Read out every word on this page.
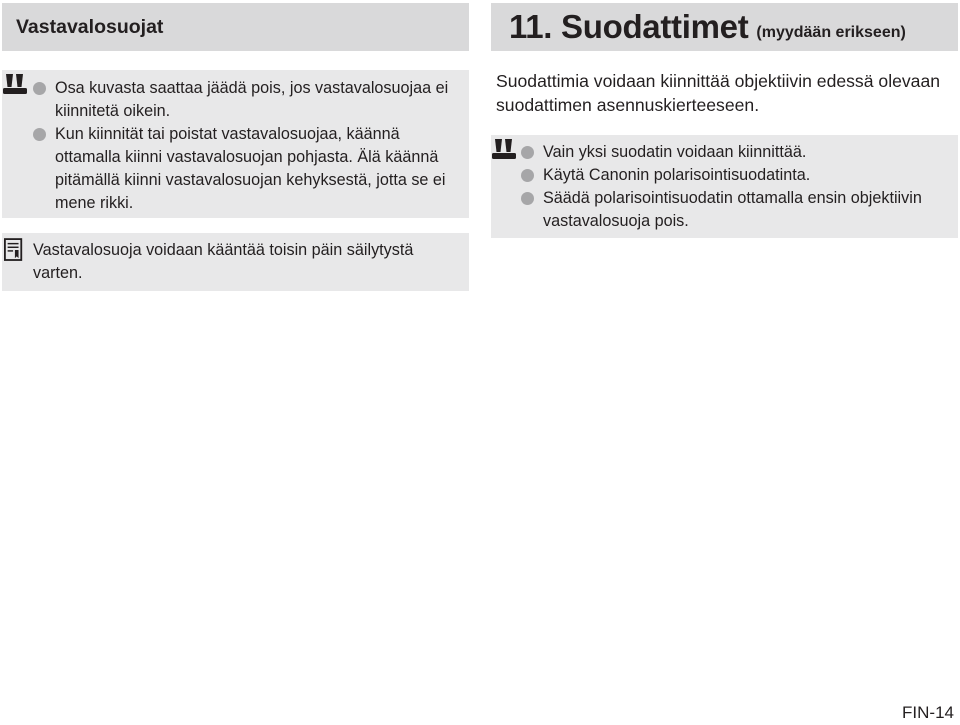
Vastavalosuojat
Osa kuvasta saattaa jäädä pois, jos vastavalosuojaa ei kiinnitetä oikein.
Kun kiinnität tai poistat vastavalosuojaa, käännä ottamalla kiinni vastavalosuojan pohjasta. Älä käännä pitämällä kiinni vastavalosuojan kehyksestä, jotta se ei mene rikki.
Vastavalosuoja voidaan kääntää toisin päin säilytystä varten.
11. Suodattimet (myydään erikseen)
Suodattimia voidaan kiinnittää objektiivin edessä olevaan suodattimen asennuskierteeseen.
Vain yksi suodatin voidaan kiinnittää.
Käytä Canonin polarisointisuodatinta.
Säädä polarisointisuodatin ottamalla ensin objektiivin vastavalosuoja pois.
FIN-14
